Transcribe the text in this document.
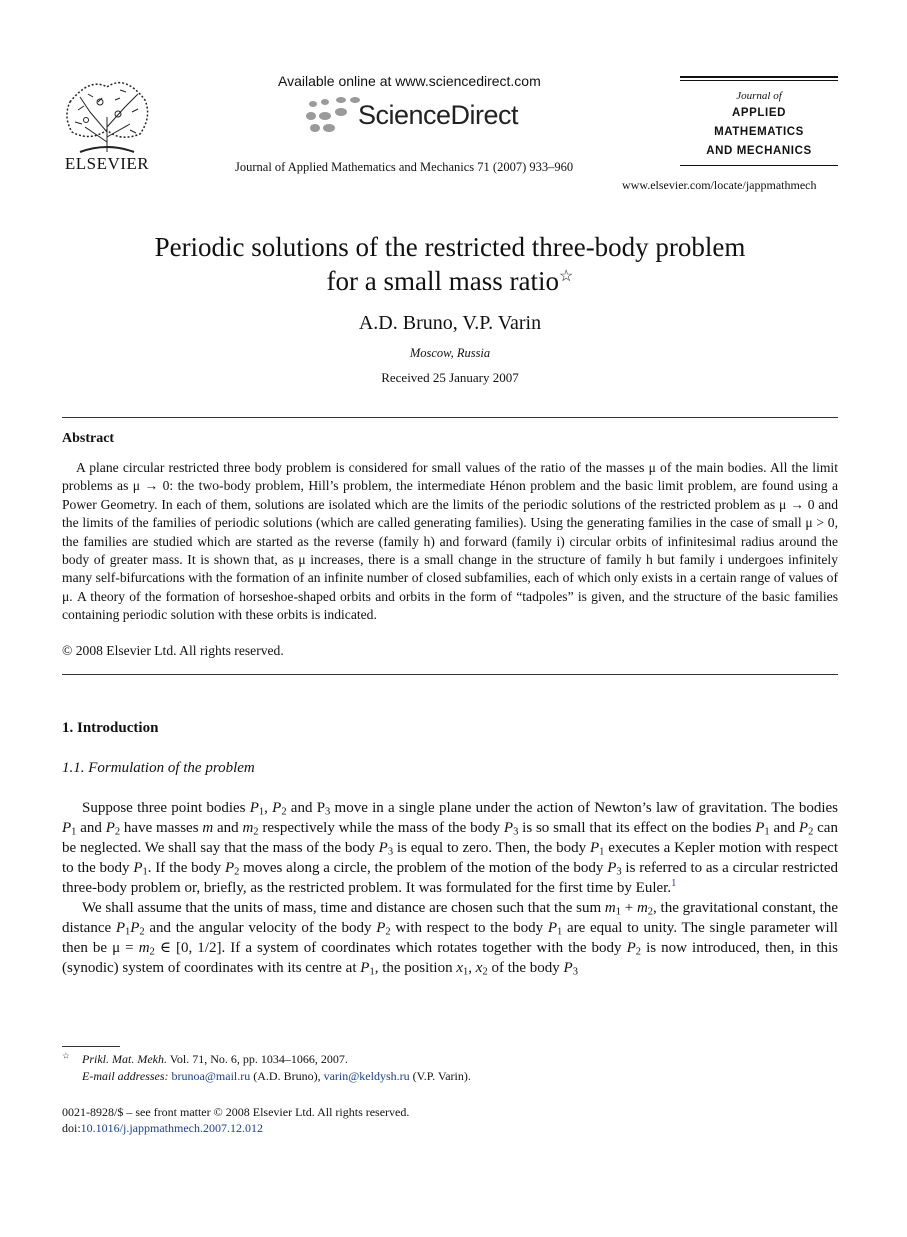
ELSEVIER
Available online at www.sciencedirect.com
ScienceDirect
Journal of Applied Mathematics and Mechanics 71 (2007) 933–960
Journal of
APPLIED
MATHEMATICS
AND MECHANICS
www.elsevier.com/locate/jappmathmech
Periodic solutions of the restricted three-body problem
for a small mass ratio☆
A.D. Bruno, V.P. Varin
Moscow, Russia
Received 25 January 2007
Abstract
A plane circular restricted three body problem is considered for small values of the ratio of the masses μ of the main bodies. All the limit problems as μ → 0: the two-body problem, Hill’s problem, the intermediate Hénon problem and the basic limit problem, are found using a Power Geometry. In each of them, solutions are isolated which are the limits of the periodic solutions of the restricted problem as μ → 0 and the limits of the families of periodic solutions (which are called generating families). Using the generating families in the case of small μ > 0, the families are studied which are started as the reverse (family h) and forward (family i) circular orbits of infinitesimal radius around the body of greater mass. It is shown that, as μ increases, there is a small change in the structure of family h but family i undergoes infinitely many self-bifurcations with the formation of an infinite number of closed subfamilies, each of which only exists in a certain range of values of μ. A theory of the formation of horseshoe-shaped orbits and orbits in the form of “tadpoles” is given, and the structure of the basic families containing periodic solution with these orbits is indicated.
© 2008 Elsevier Ltd. All rights reserved.
1. Introduction
1.1. Formulation of the problem

Suppose three point bodies $P_1$, $P_2$ and $P_3$ move in a single plane under the action of Newton’s law of gravitation. The bodies $P_1$ and $P_2$ have masses m and $m_2$ respectively while the mass of the body $P_3$ is so small that its effect on the bodies $P_1$ and $P_2$ can be neglected. We shall say that the mass of the body $P_3$ is equal to zero. Then, the body $P_1$ executes a Kepler motion with respect to the body $P_1$. If the body $P_2$ moves along a circle, the problem of the motion of the body $P_3$ is referred to as a circular restricted three-body problem or, briefly, as the restricted problem. It was formulated for the first time by Euler.$^1$

We shall assume that the units of mass, time and distance are chosen such that the sum $m_1 + m_2$, the gravitational constant, the distance $P_1P_2$ and the angular velocity of the body $P_2$ with respect to the body $P_1$ are equal to unity. The single parameter will then be $\mu = m_2$ ∈ [0, 1/2]. If a system of coordinates which rotates together with the body $P_2$ is now introduced, then, in this (synodic) system of coordinates with its centre at $P_1$, the position $x_1$, $x_2$ of the body $P_3$

☆ Prikl. Mat. Mekh. Vol. 71, No. 6, pp. 1034–1066, 2007.
E-mail addresses: brunoa@mail.ru (A.D. Bruno), varin@keldysh.ru (V.P. Varin).
0021-8928/$ – see front matter © 2008 Elsevier Ltd. All rights reserved.
doi:10.1016/j.jappmathmech.2007.12.012
